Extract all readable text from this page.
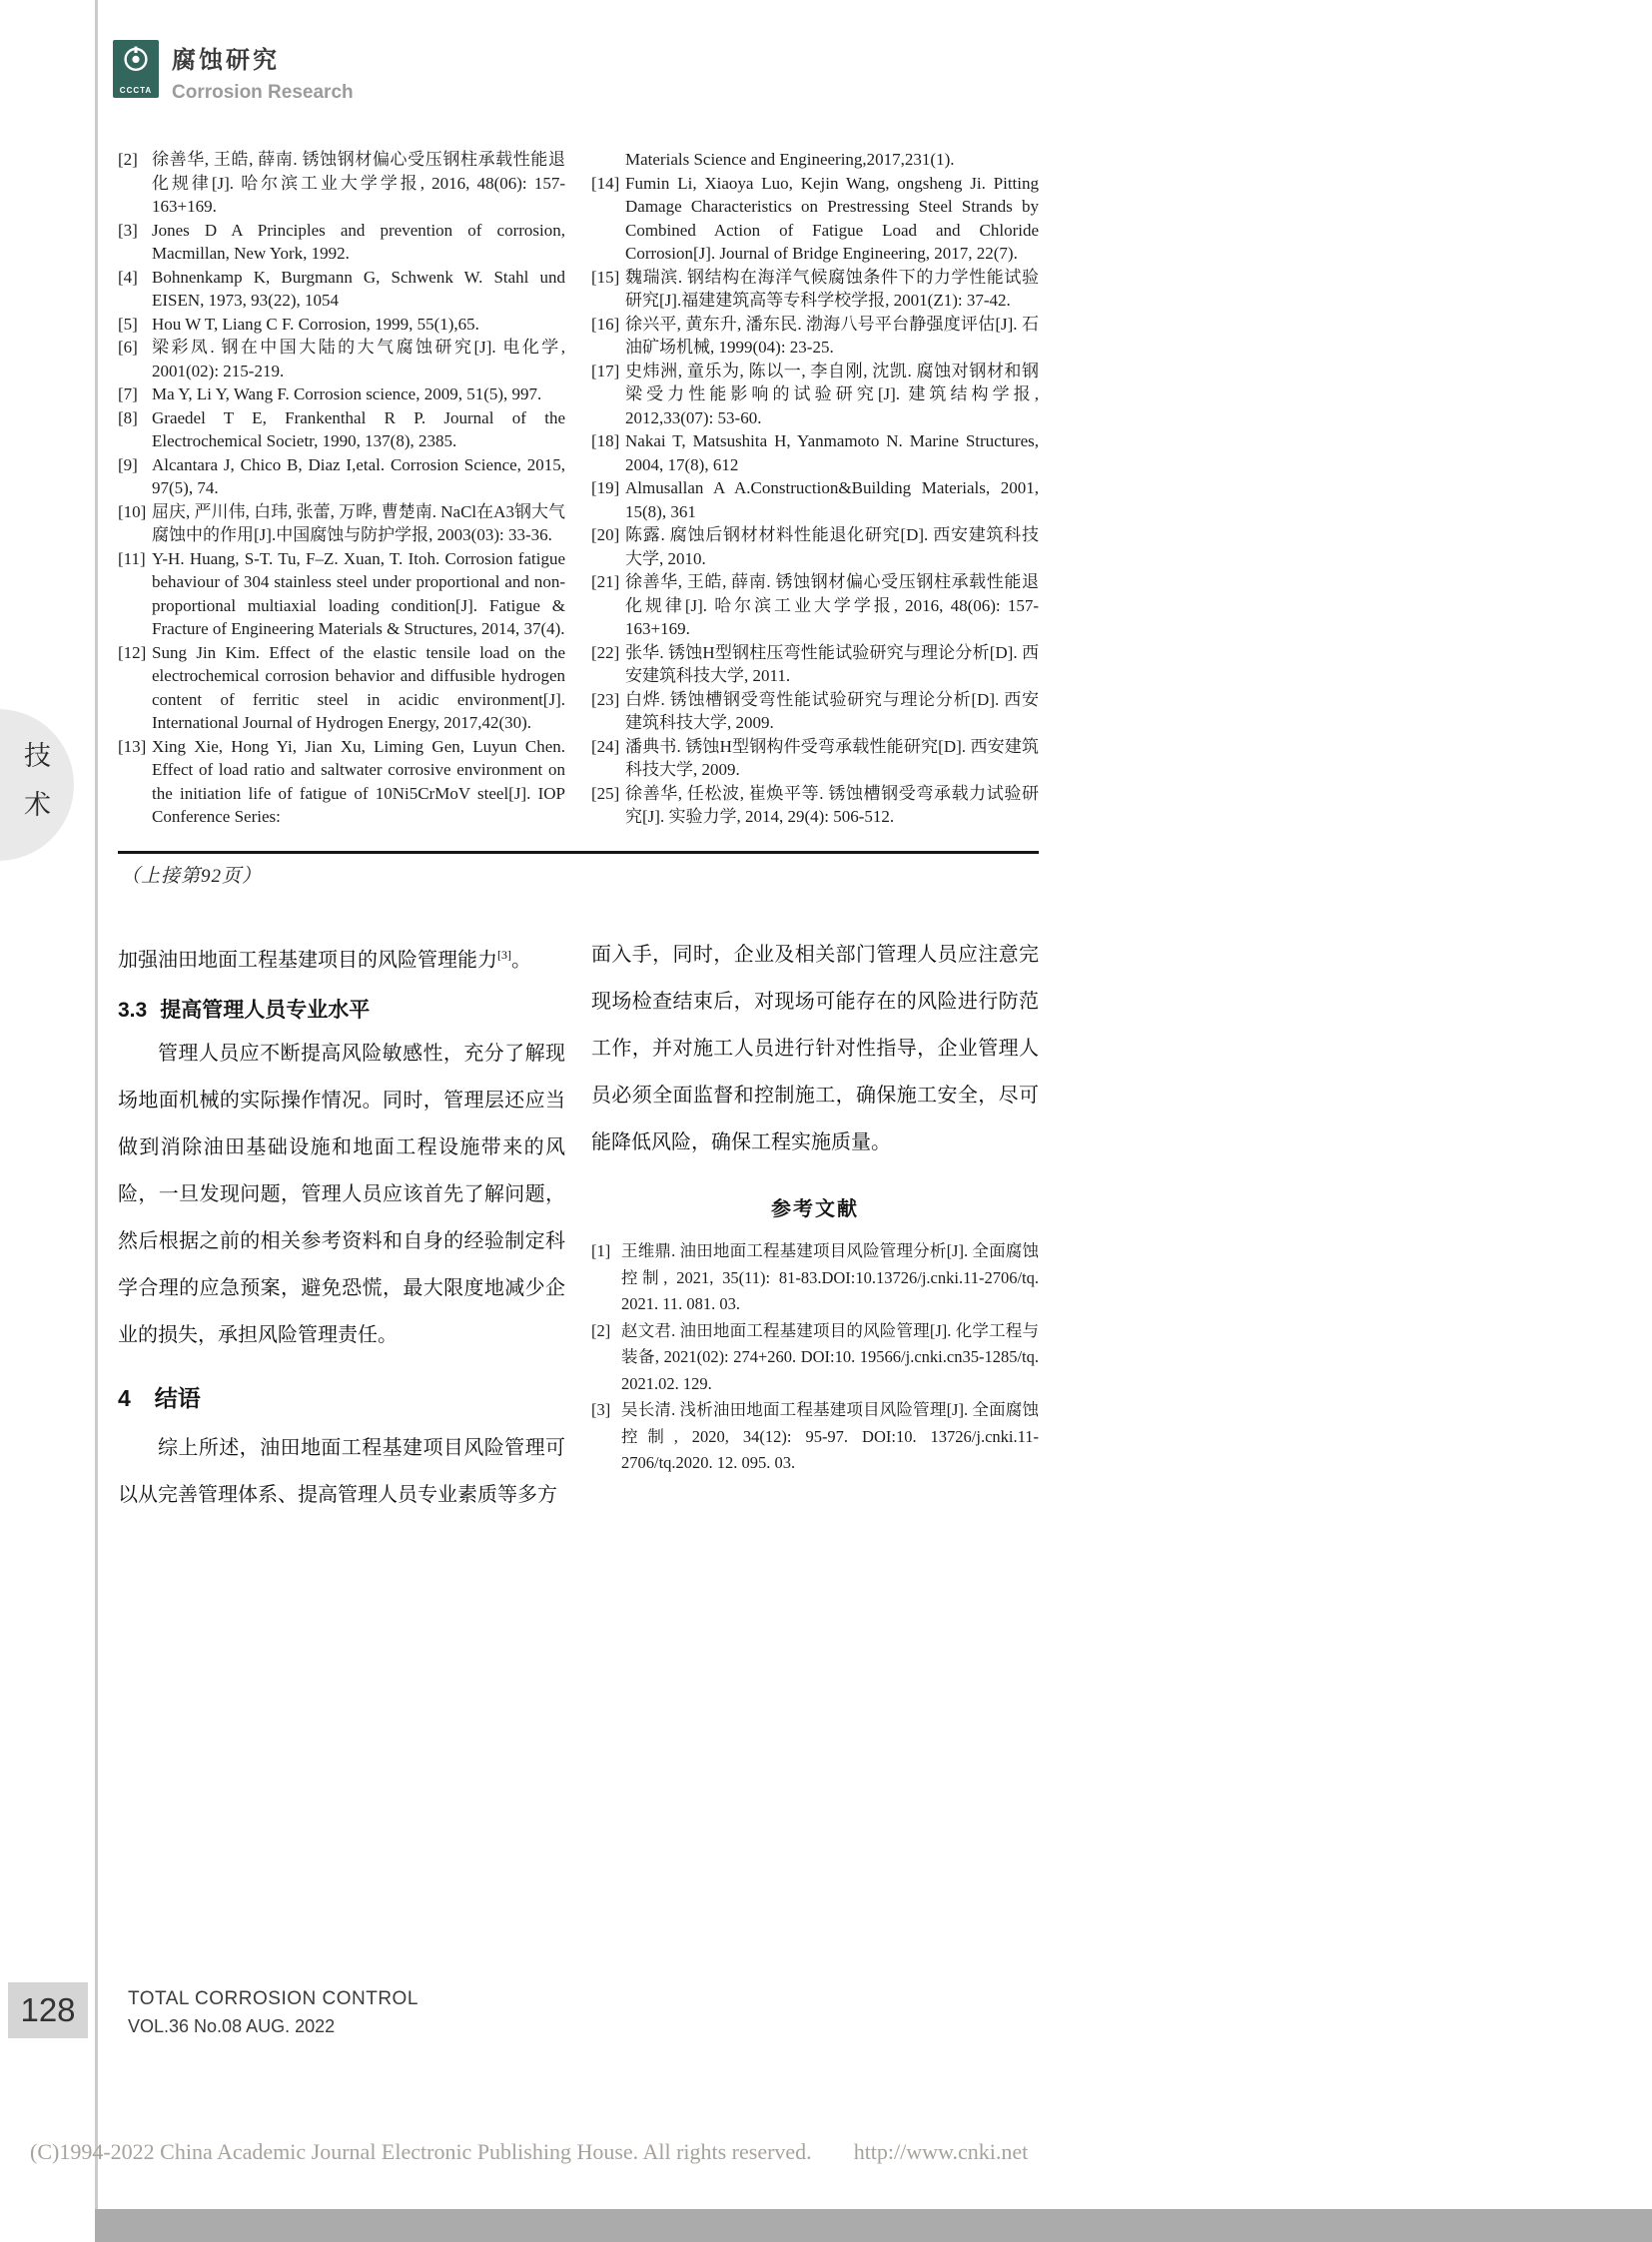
CCCTA
腐蚀研究
Corrosion Research
技
术
[2] 徐善华, 王皓, 薛南. 锈蚀钢材偏心受压钢柱承载性能退化规律[J]. 哈尔滨工业大学学报, 2016, 48(06): 157-163+169.
[3] Jones D A Principles and prevention of corrosion, Macmillan, New York, 1992.
[4] Bohnenkamp K, Burgmann G, Schwenk W. Stahl und EISEN, 1973, 93(22), 1054
[5] Hou W T, Liang C F. Corrosion, 1999, 55(1),65.
[6] 梁彩凤. 钢在中国大陆的大气腐蚀研究[J]. 电化学, 2001(02): 215-219.
[7] Ma Y, Li Y, Wang F. Corrosion science, 2009, 51(5), 997.
[8] Graedel T E, Frankenthal R P. Journal of the Electrochemical Societr, 1990, 137(8), 2385.
[9] Alcantara J, Chico B, Diaz I,etal. Corrosion Science, 2015, 97(5), 74.
[10] 屈庆, 严川伟, 白玮, 张蕾, 万晔, 曹楚南. NaCl在A3钢大气腐蚀中的作用[J].中国腐蚀与防护学报, 2003(03): 33-36.
[11] Y-H. Huang, S-T. Tu, F–Z. Xuan, T. Itoh. Corrosion fatigue behaviour of 304 stainless steel under proportional and non-proportional multiaxial loading condition[J]. Fatigue & Fracture of Engineering Materials & Structures, 2014, 37(4).
[12] Sung Jin Kim. Effect of the elastic tensile load on the electrochemical corrosion behavior and diffusible hydrogen content of ferritic steel in acidic environment[J]. International Journal of Hydrogen Energy, 2017,42(30).
[13] Xing Xie, Hong Yi, Jian Xu, Liming Gen, Luyun Chen. Effect of load ratio and saltwater corrosive environment on the initiation life of fatigue of 10Ni5CrMoV steel[J]. IOP Conference Series:
Materials Science and Engineering,2017,231(1).
[14] Fumin Li, Xiaoya Luo, Kejin Wang, ongsheng Ji. Pitting Damage Characteristics on Prestressing Steel Strands by Combined Action of Fatigue Load and Chloride Corrosion[J]. Journal of Bridge Engineering, 2017, 22(7).
[15] 魏瑞滨. 钢结构在海洋气候腐蚀条件下的力学性能试验研究[J].福建建筑高等专科学校学报, 2001(Z1): 37-42.
[16] 徐兴平, 黄东升, 潘东民. 渤海八号平台静强度评估[J]. 石油矿场机械, 1999(04): 23-25.
[17] 史炜洲, 童乐为, 陈以一, 李自刚, 沈凯. 腐蚀对钢材和钢梁受力性能影响的试验研究[J]. 建筑结构学报, 2012,33(07): 53-60.
[18] Nakai T, Matsushita H, Yanmamoto N. Marine Structures, 2004, 17(8), 612
[19] Almusallan A A.Construction&Building Materials, 2001, 15(8), 361
[20] 陈露. 腐蚀后钢材材料性能退化研究[D]. 西安建筑科技大学, 2010.
[21] 徐善华, 王皓, 薛南. 锈蚀钢材偏心受压钢柱承载性能退化规律[J]. 哈尔滨工业大学学报, 2016, 48(06): 157-163+169.
[22] 张华. 锈蚀H型钢柱压弯性能试验研究与理论分析[D]. 西安建筑科技大学, 2011.
[23] 白烨. 锈蚀槽钢受弯性能试验研究与理论分析[D]. 西安建筑科技大学, 2009.
[24] 潘典书. 锈蚀H型钢构件受弯承载性能研究[D]. 西安建筑科技大学, 2009.
[25] 徐善华, 任松波, 崔焕平等. 锈蚀槽钢受弯承载力试验研究[J]. 实验力学, 2014, 29(4): 506-512.
（上接第92页）

加强油田地面工程基建项目的风险管理能力[3]。

3.3 提高管理人员专业水平

管理人员应不断提高风险敏感性，充分了解现场地面机械的实际操作情况。同时，管理层还应当做到消除油田基础设施和地面工程设施带来的风险，一旦发现问题，管理人员应该首先了解问题，然后根据之前的相关参考资料和自身的经验制定科学合理的应急预案，避免恐慌，最大限度地减少企业的损失，承担风险管理责任。

4 结语

综上所述，油田地面工程基建项目风险管理可以从完善管理体系、提高管理人员专业素质等多方

面入手，同时，企业及相关部门管理人员应注意完现场检查结束后，对现场可能存在的风险进行防范工作，并对施工人员进行针对性指导，企业管理人员必须全面监督和控制施工，确保施工安全，尽可能降低风险，确保工程实施质量。

参考文献
[1] 王维鼎. 油田地面工程基建项目风险管理分析[J]. 全面腐蚀控制, 2021, 35(11): 81-83.DOI:10.13726/j.cnki.11-2706/tq. 2021. 11. 081. 03.
[2] 赵文君. 油田地面工程基建项目的风险管理[J]. 化学工程与装备, 2021(02): 274+260. DOI:10. 19566/j.cnki.cn35-1285/tq. 2021.02. 129.
[3] 吴长清. 浅析油田地面工程基建项目风险管理[J]. 全面腐蚀控制, 2020, 34(12): 95-97. DOI:10. 13726/j.cnki.11-2706/tq.2020. 12. 095. 03.
128	TOTAL CORROSION CONTROL
VOL.36 No.08 AUG. 2022
(C)1994-2022 China Academic Journal Electronic Publishing House. All rights reserved. http://www.cnki.net
